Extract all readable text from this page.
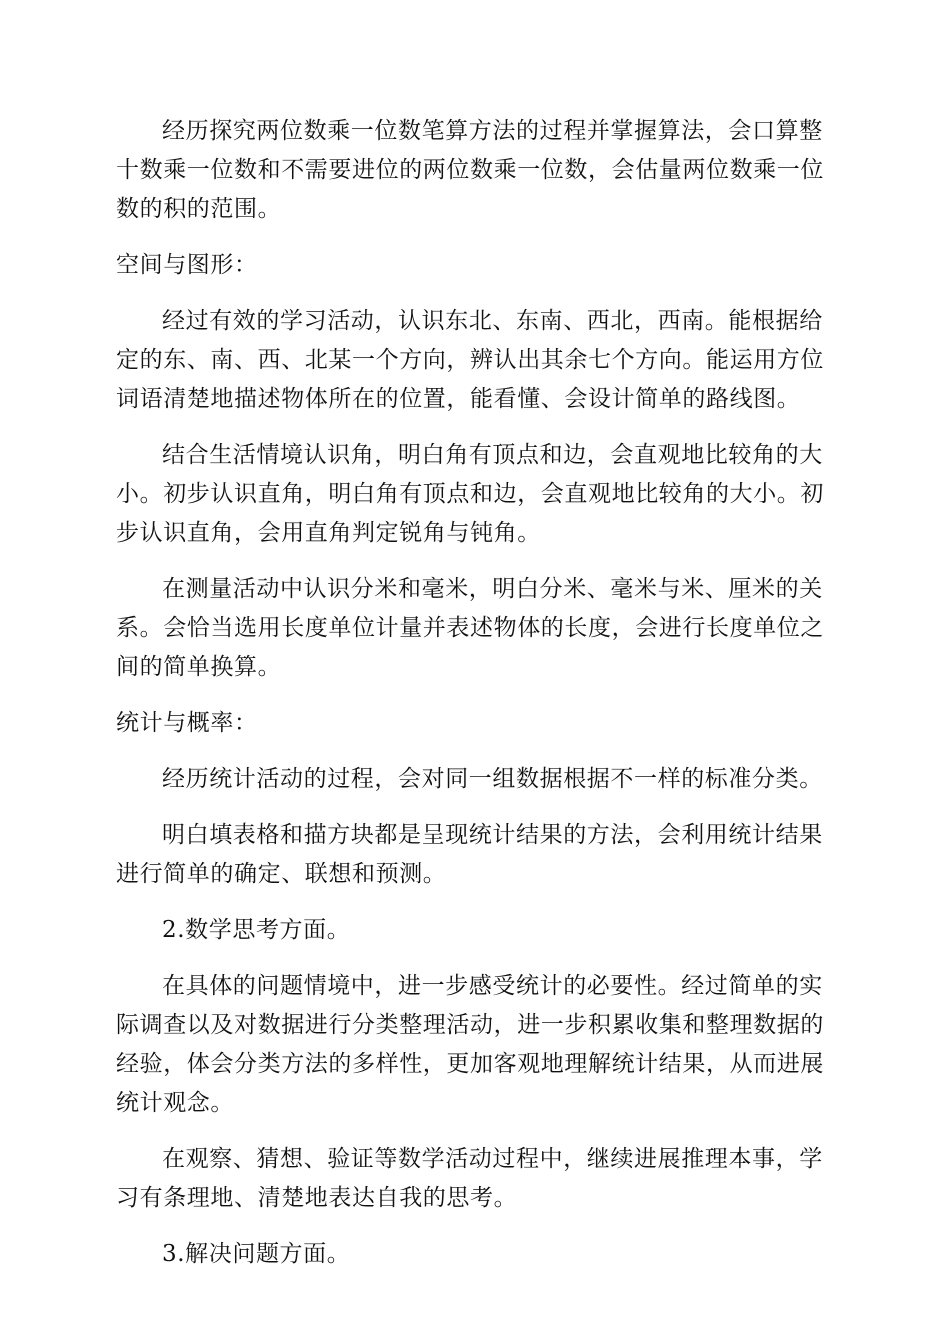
经历探究两位数乘一位数笔算方法的过程并掌握算法，会口算整十数乘一位数和不需要进位的两位数乘一位数，会估量两位数乘一位数的积的范围。

空间与图形：

经过有效的学习活动，认识东北、东南、西北，西南。能根据给定的东、南、西、北某一个方向，辨认出其余七个方向。能运用方位词语清楚地描述物体所在的位置，能看懂、会设计简单的路线图。

结合生活情境认识角，明白角有顶点和边，会直观地比较角的大小。初步认识直角，明白角有顶点和边，会直观地比较角的大小。初步认识直角，会用直角判定锐角与钝角。

在测量活动中认识分米和毫米，明白分米、毫米与米、厘米的关系。会恰当选用长度单位计量并表述物体的长度，会进行长度单位之间的简单换算。

统计与概率：

经历统计活动的过程，会对同一组数据根据不一样的标准分类。

明白填表格和描方块都是呈现统计结果的方法，会利用统计结果进行简单的确定、联想和预测。

2.数学思考方面。

在具体的问题情境中，进一步感受统计的必要性。经过简单的实际调查以及对数据进行分类整理活动，进一步积累收集和整理数据的经验，体会分类方法的多样性，更加客观地理解统计结果，从而进展统计观念。

在观察、猜想、验证等数学活动过程中，继续进展推理本事，学习有条理地、清楚地表达自我的思考。

3.解决问题方面。
